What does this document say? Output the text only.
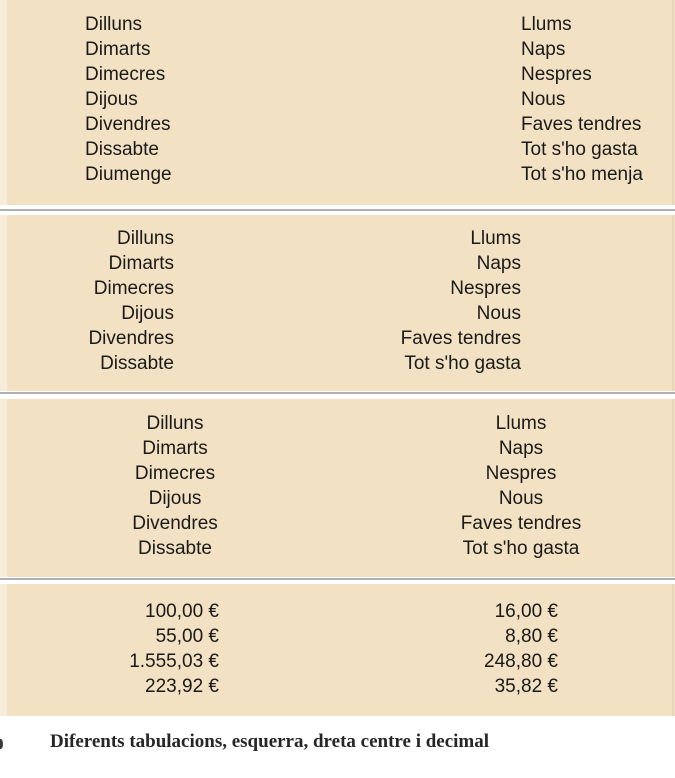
Dilluns
Dimarts
Dimecres
Dijous
Divendres
Dissabte
Diumenge
Llums
Naps
Nespres
Nous
Faves tendres
Tot s'ho gasta
Tot s'ho menja
Dilluns
Dimarts
Dimecres
Dijous
Divendres
Dissabte
Llums
Naps
Nespres
Nous
Faves tendres
Tot s'ho gasta
Dilluns
Dimarts
Dimecres
Dijous
Divendres
Dissabte
Llums
Naps
Nespres
Nous
Faves tendres
Tot s'ho gasta
100,00 €
55,00 €
1.555,03 €
223,92 €
16,00 €
8,80 €
248,80 €
35,82 €
Diferents tabulacions, esquerra, dreta centre i decimal
